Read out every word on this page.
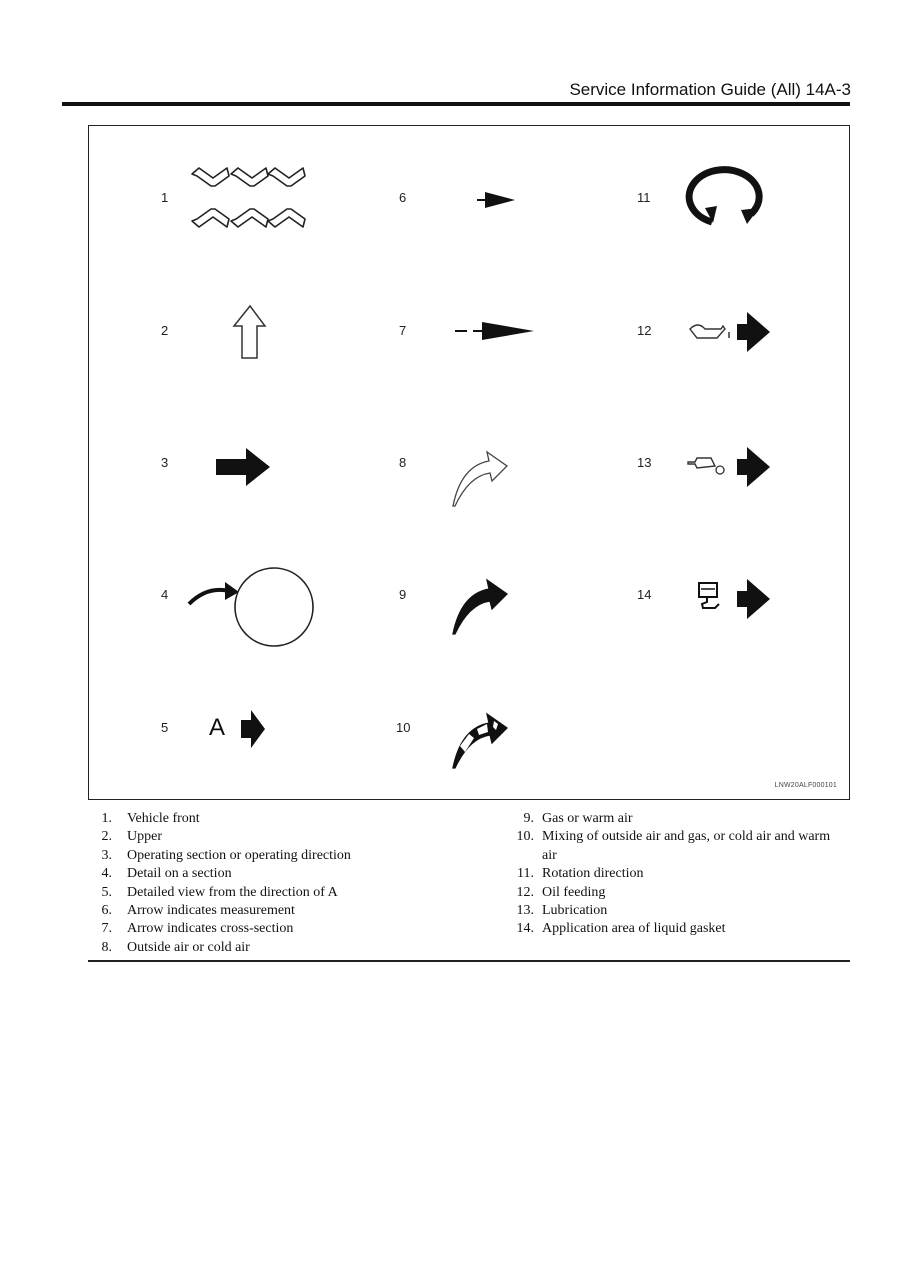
Service Information Guide (All) 14A-3
1
2
3
4
5
6
7
8
9
10
11
12
13
14
A
LNW20ALF000101
1. Vehicle front
2. Upper
3. Operating section or operating direction
4. Detail on a section
5. Detailed view from the direction of A
6. Arrow indicates measurement
7. Arrow indicates cross-section
8. Outside air or cold air
9. Gas or warm air
10. Mixing of outside air and gas, or cold air and warm air
11. Rotation direction
12. Oil feeding
13. Lubrication
14. Application area of liquid gasket
